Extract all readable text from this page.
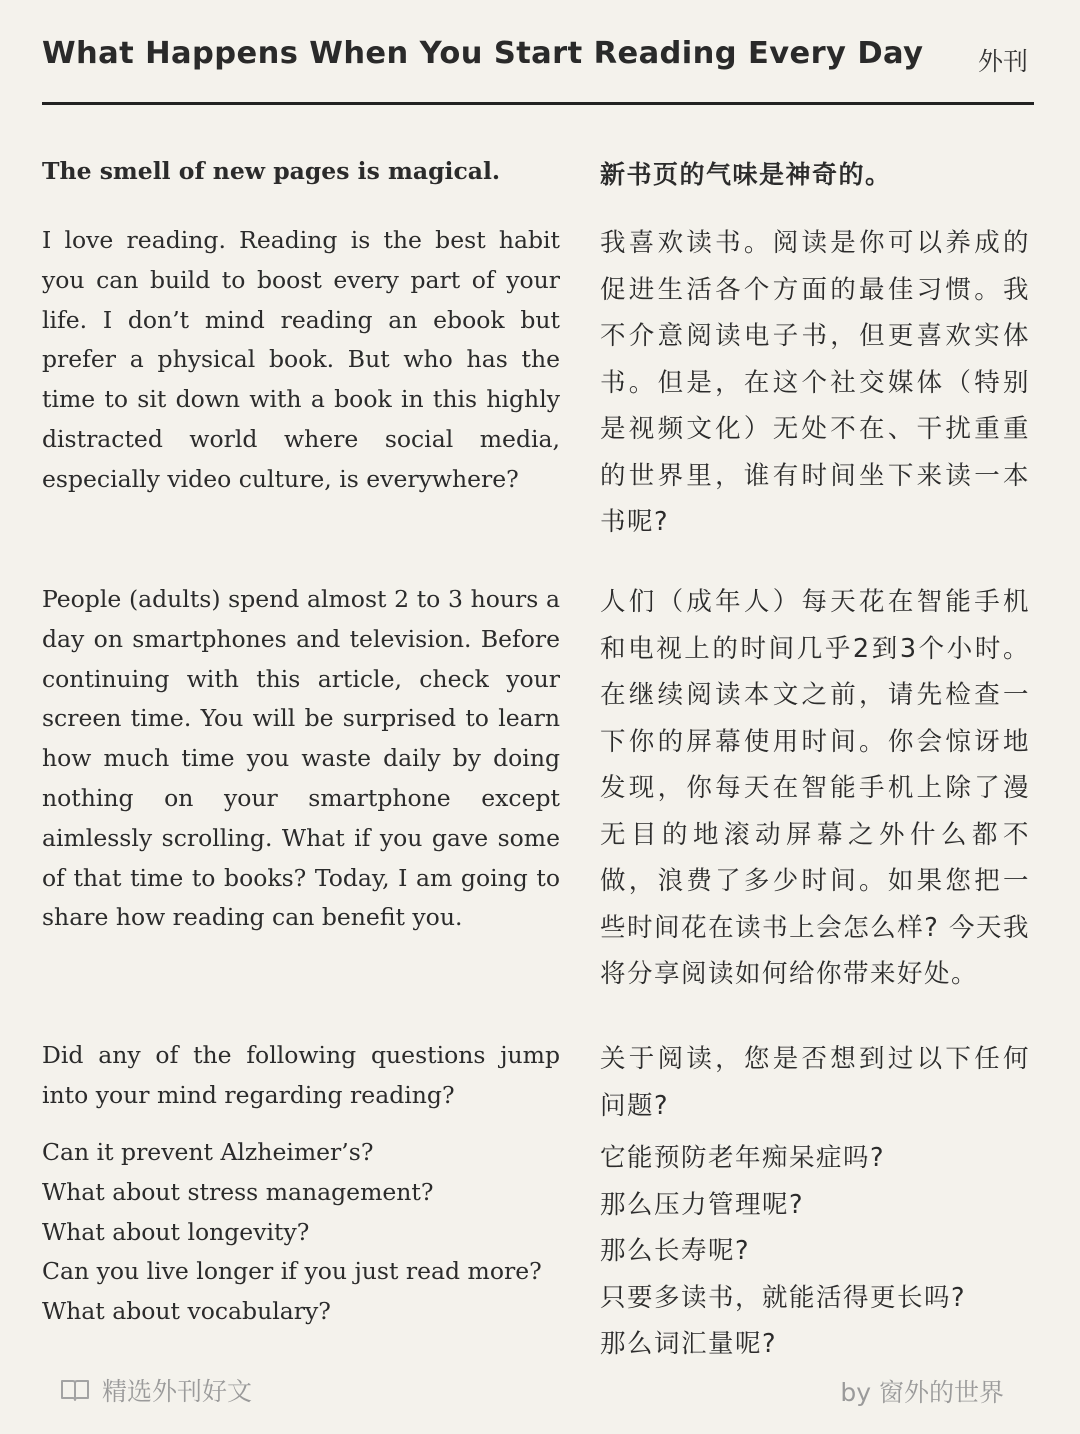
What Happens When You Start Reading Every Day 外刊
The smell of new pages is magical.
I love reading. Reading is the best habit you can build to boost every part of your life. I don’t mind reading an ebook but prefer a physical book. But who has the time to sit down with a book in this highly distracted world where social media, especially video culture, is everywhere?
People (adults) spend almost 2 to 3 hours a day on smartphones and television. Before continuing with this article, check your screen time. You will be surprised to learn how much time you waste daily by doing nothing on your smartphone except aimlessly scrolling. What if you gave some of that time to books? Today, I am going to share how reading can benefit you.
Did any of the following questions jump into your mind regarding reading?
Can it prevent Alzheimer’s?
What about stress management?
What about longevity?
Can you live longer if you just read more?
What about vocabulary?
新书页的气味是神奇的。
我喜欢读书。阅读是你可以养成的促进生活各个方面的最佳习惯。我不介意阅读电子书，但更喜欢实体书。但是，在这个社交媒体（特别是视频文化）无处不在、干扰重重的世界里，谁有时间坐下来读一本书呢?
人们（成年人）每天花在智能手机和电视上的时间几乎2到3个小时。在继续阅读本文之前，请先检查一下你的屏幕使用时间。你会惊讶地发现，你每天在智能手机上除了漫无目的地滚动屏幕之外什么都不做，浪费了多少时间。如果您把一些时间花在读书上会怎么样? 今天我将分享阅读如何给你带来好处。
关于阅读，您是否想到过以下任何问题?
它能预防老年痴呆症吗?
那么压力管理呢?
那么长寿呢?
只要多读书，就能活得更长吗?
那么词汇量呢?
精选外刊好文	by 窗外的世界
